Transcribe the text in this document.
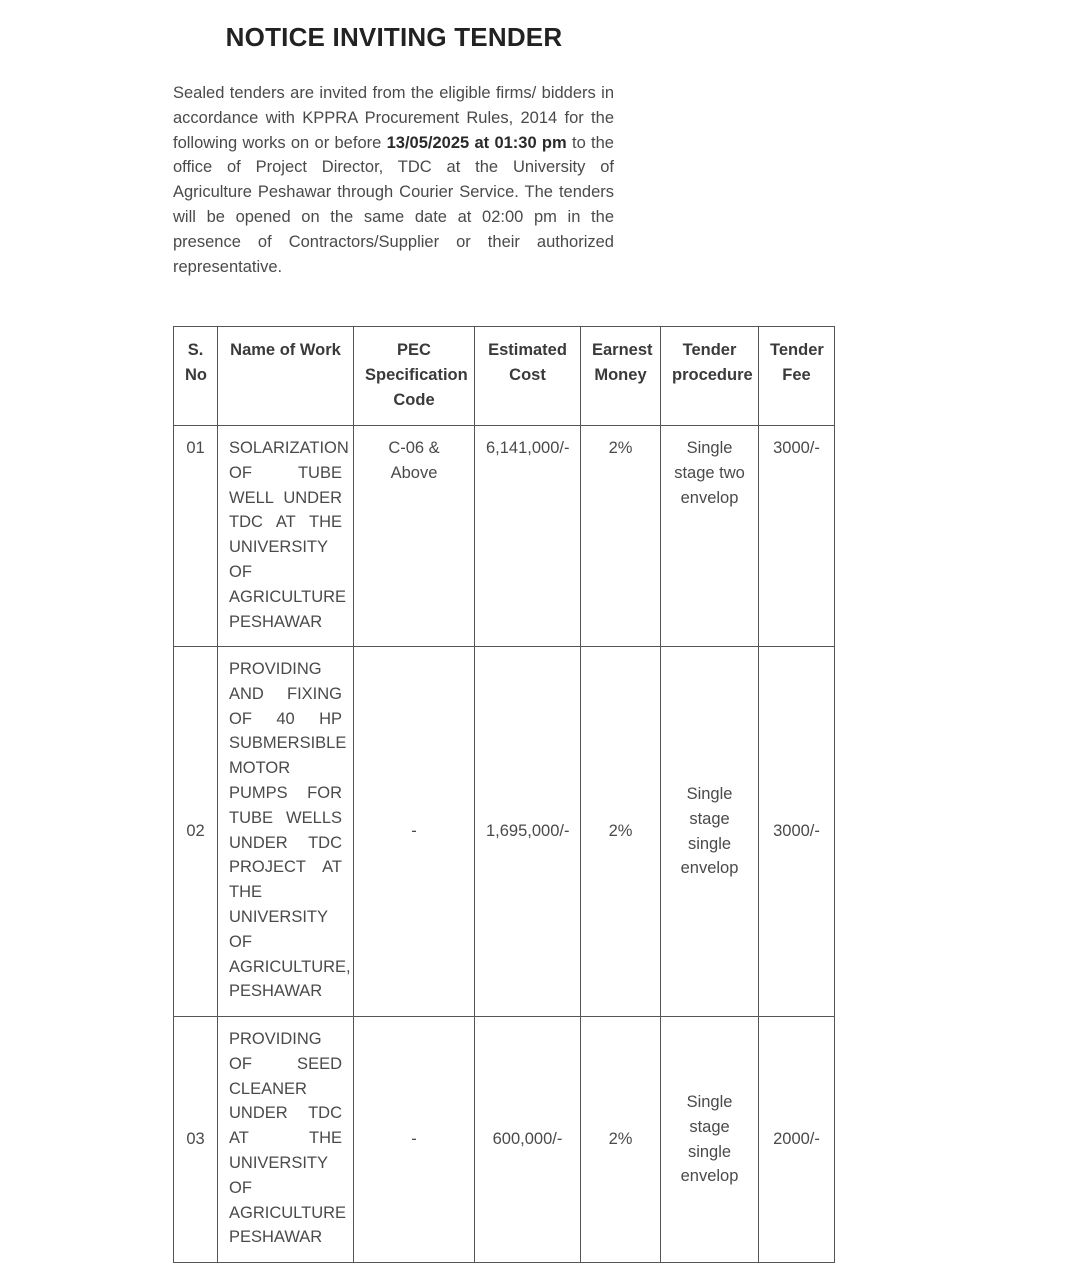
NOTICE INVITING TENDER

Sealed tenders are invited from the eligible firms/ bidders in accordance with KPPRA Procurement Rules, 2014 for the following works on or before 13/05/2025 at 01:30 pm to the office of Project Director, TDC at the University of Agriculture Peshawar through Courier Service. The tenders will be opened on the same date at 02:00 pm in the presence of Contractors/Supplier or their authorized representative.

S. No	Name of Work	PEC Specification Code	Estimated Cost	Earnest Money	Tender procedure	Tender Fee
01	SOLARIZATION OF TUBE WELL UNDER TDC AT THE UNIVERSITY OF AGRICULTURE PESHAWAR	C-06 & Above	6,141,000/-	2%	Single stage two envelop	3000/-
02	PROVIDING AND FIXING OF 40 HP SUBMERSIBLE MOTOR PUMPS FOR TUBE WELLS UNDER TDC PROJECT AT THE UNIVERSITY OF AGRICULTURE, PESHAWAR	-	1,695,000/-	2%	Single stage single envelop	3000/-
03	PROVIDING OF SEED CLEANER UNDER TDC AT THE UNIVERSITY OF AGRICULTURE PESHAWAR	-	600,000/-	2%	Single stage single envelop	2000/-
